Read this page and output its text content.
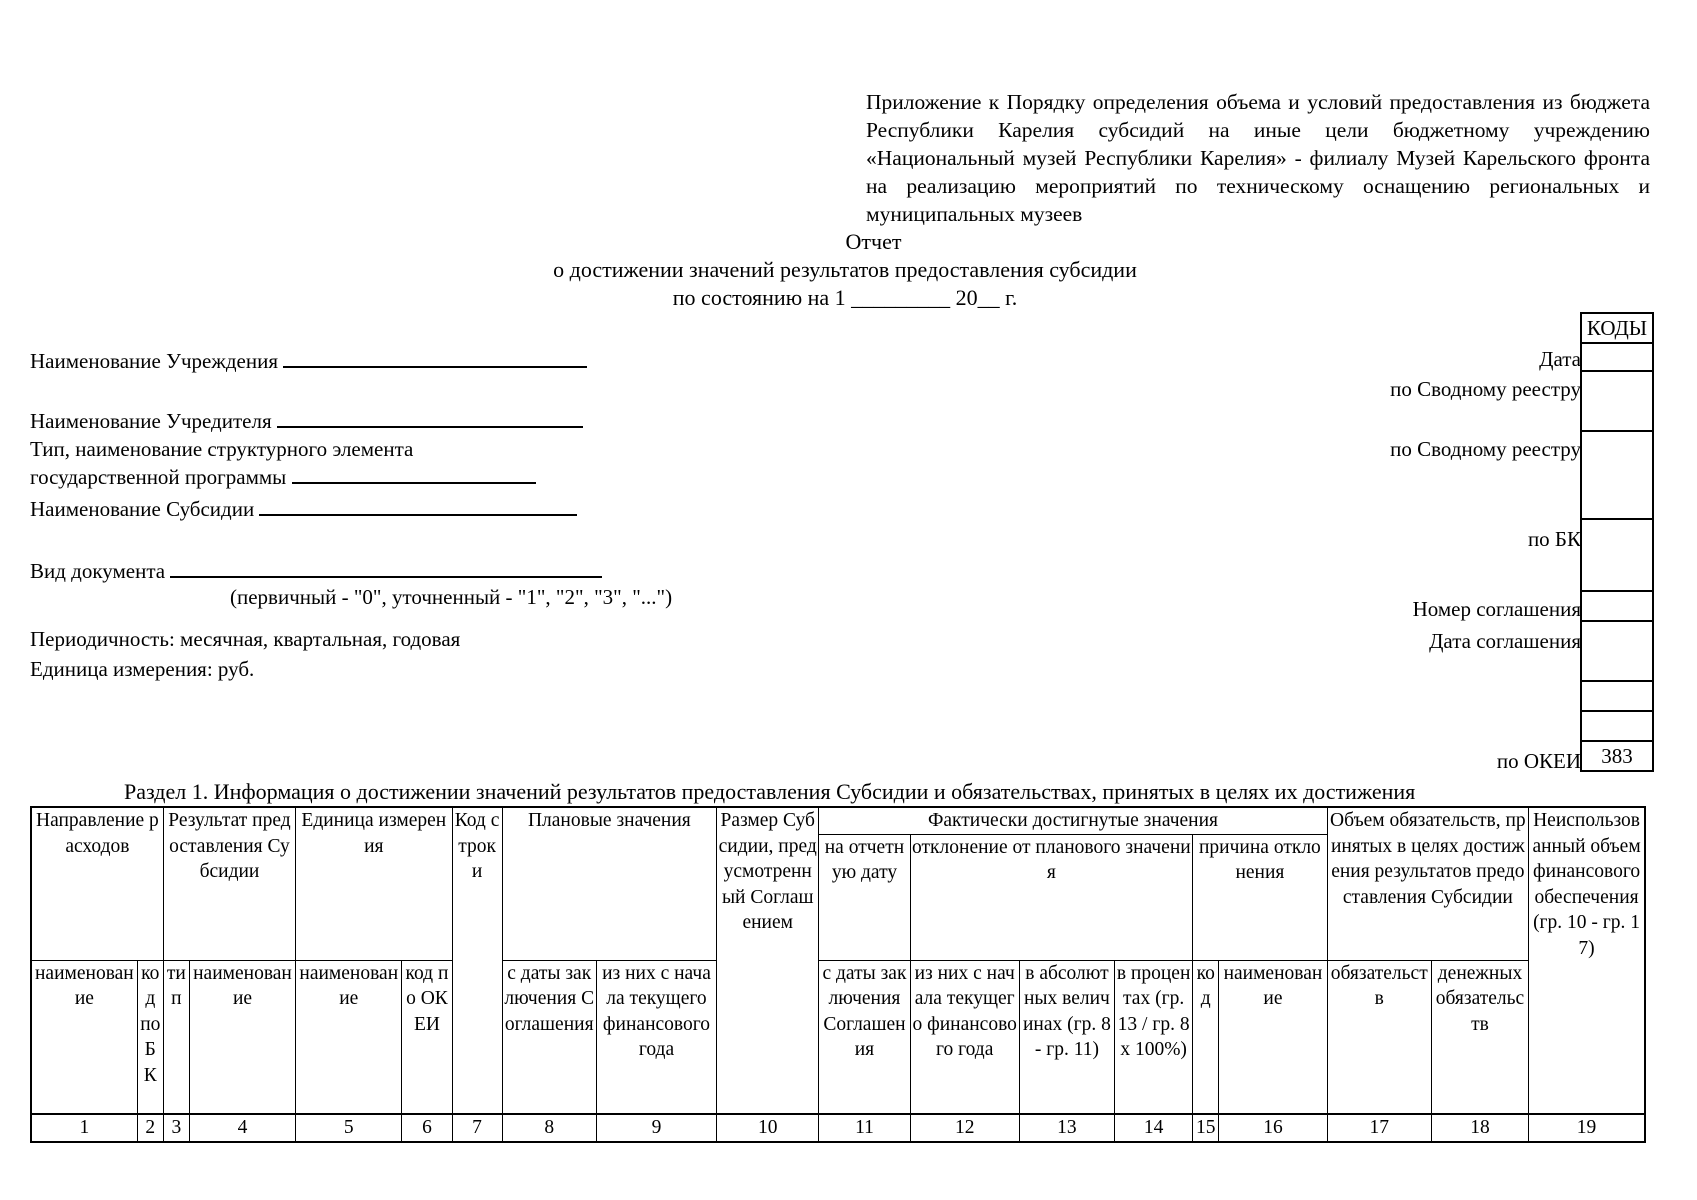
Приложение к Порядку определения объема и условий предоставления из бюджета Республики Карелия субсидий на иные цели бюджетному учреждению «Национальный музей Республики Карелия» - филиалу Музей Карельского фронта на реализацию мероприятий по техническому оснащению региональных и муниципальных музеев
Отчет
о достижении значений результатов предоставления субсидии
по состоянию на 1 _________ 20__ г.
Наименование Учреждения
Наименование Учредителя
Тип, наименование структурного элемента
государственной программы
Наименование Субсидии
Вид документа
(первичный - "0", уточненный - "1", "2", "3", "...")
Периодичность: месячная, квартальная, годовая
Единица измерения: руб.
Дата
по Сводному реестру
по Сводному реестру
по БК
Номер соглашения
Дата соглашения
по ОКЕИ
КОДЫ

383
Раздел 1. Информация о достижении значений результатов предоставления Субсидии и обязательствах, принятых в целях их достижения
Направление расходов		Результат предоставления Субсидии		Единица измерения		Код строки	Плановые значения		Размер Субсидии, предусмотренный Соглашением	Фактически достигнутые значения						Объем обязательств, принятых в целях достижения результатов предоставления Субсидии		Неиспользованный объем финансового обеспечения (гр. 10 - гр. 17)
										на отчетную дату	отклонение от планового значения			причина отклонения				
наименование	код по БК	тип	наименование	наименование	код по ОКЕИ		с даты заключения Соглашения	из них с начала текущего финансового года		с даты заключения Соглашения	из них с начала текущего финансового года	в абсолютных величинах (гр. 8 - гр. 11)	в процентах (гр. 13 / гр. 8 x 100%)	код	наименование	обязательств	денежных обязательств	
1	2	3	4	5	6	7	8	9	10	11	12	13	14	15	16	17	18	19
